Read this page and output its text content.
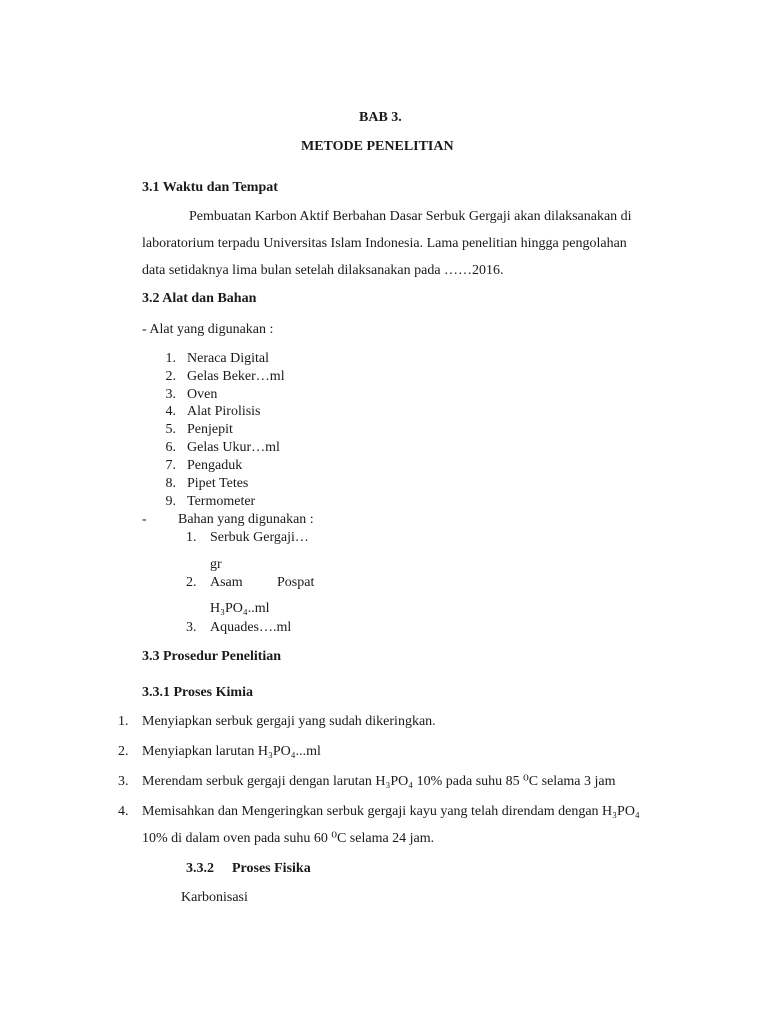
BAB 3.
METODE PENELITIAN
3.1 Waktu dan Tempat
Pembuatan Karbon Aktif Berbahan Dasar Serbuk Gergaji akan dilaksanakan di
laboratorium terpadu Universitas Islam Indonesia. Lama penelitian hingga pengolahan
data setidaknya lima bulan setelah dilaksanakan pada ……2016.
3.2 Alat dan Bahan
- Alat yang digunakan :
1. Neraca Digital
2. Gelas Beker…ml
3. Oven
4. Alat Pirolisis
5. Penjepit
6. Gelas Ukur…ml
7. Pengaduk
8. Pipet Tetes
9. Termometer
- Bahan yang digunakan :
1. Serbuk Gergaji…
gr
2. Asam Pospat
H₃PO₄..ml
3. Aquades….ml
3.3 Prosedur Penelitian
3.3.1 Proses Kimia
1. Menyiapkan serbuk gergaji yang sudah dikeringkan.
2. Menyiapkan larutan H₃PO₄...ml
3. Merendam serbuk gergaji dengan larutan H₃PO₄ 10% pada suhu 85 ⁰C selama 3 jam
4. Memisahkan dan Mengeringkan serbuk gergaji kayu yang telah direndam dengan H₃PO₄
10% di dalam oven pada suhu 60 ⁰C selama 24 jam.
3.3.2 Proses Fisika
Karbonisasi
